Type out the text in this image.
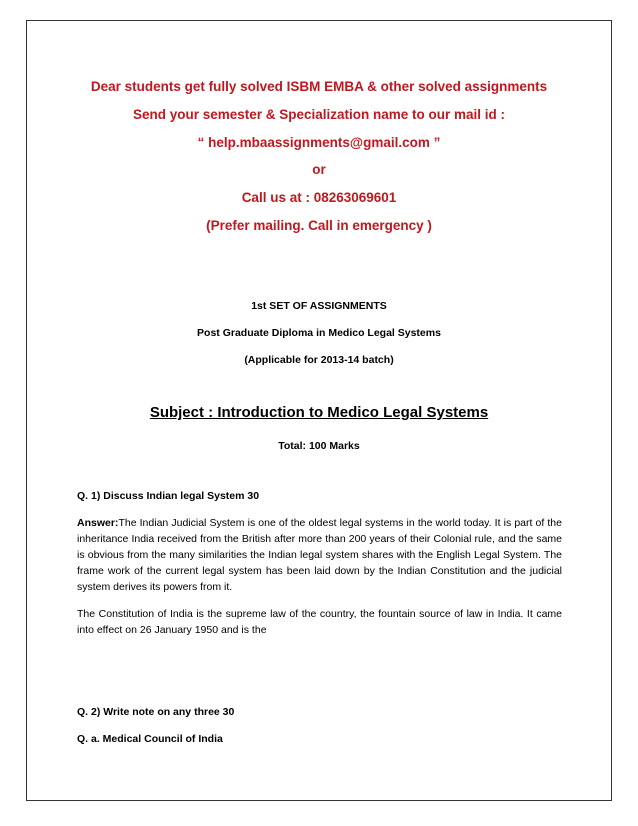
Dear students get fully solved ISBM EMBA & other solved assignments
Send your semester & Specialization name to our mail id :
“ help.mbaassignments@gmail.com ”
or
Call us at : 08263069601
(Prefer mailing. Call in emergency )
1st SET OF ASSIGNMENTS
Post Graduate Diploma in Medico Legal Systems
(Applicable for 2013-14 batch)
Subject : Introduction to Medico Legal Systems
Total: 100 Marks
Q. 1) Discuss Indian legal System 30
Answer:The Indian Judicial System is one of the oldest legal systems in the world today. It is part of the inheritance India received from the British after more than 200 years of their Colonial rule, and the same is obvious from the many similarities the Indian legal system shares with the English Legal System. The frame work of the current legal system has been laid down by the Indian Constitution and the judicial system derives its powers from it.
The Constitution of India is the supreme law of the country, the fountain source of law in India. It came into effect on 26 January 1950 and is the
Q. 2) Write note on any three 30
Q. a. Medical Council of India
